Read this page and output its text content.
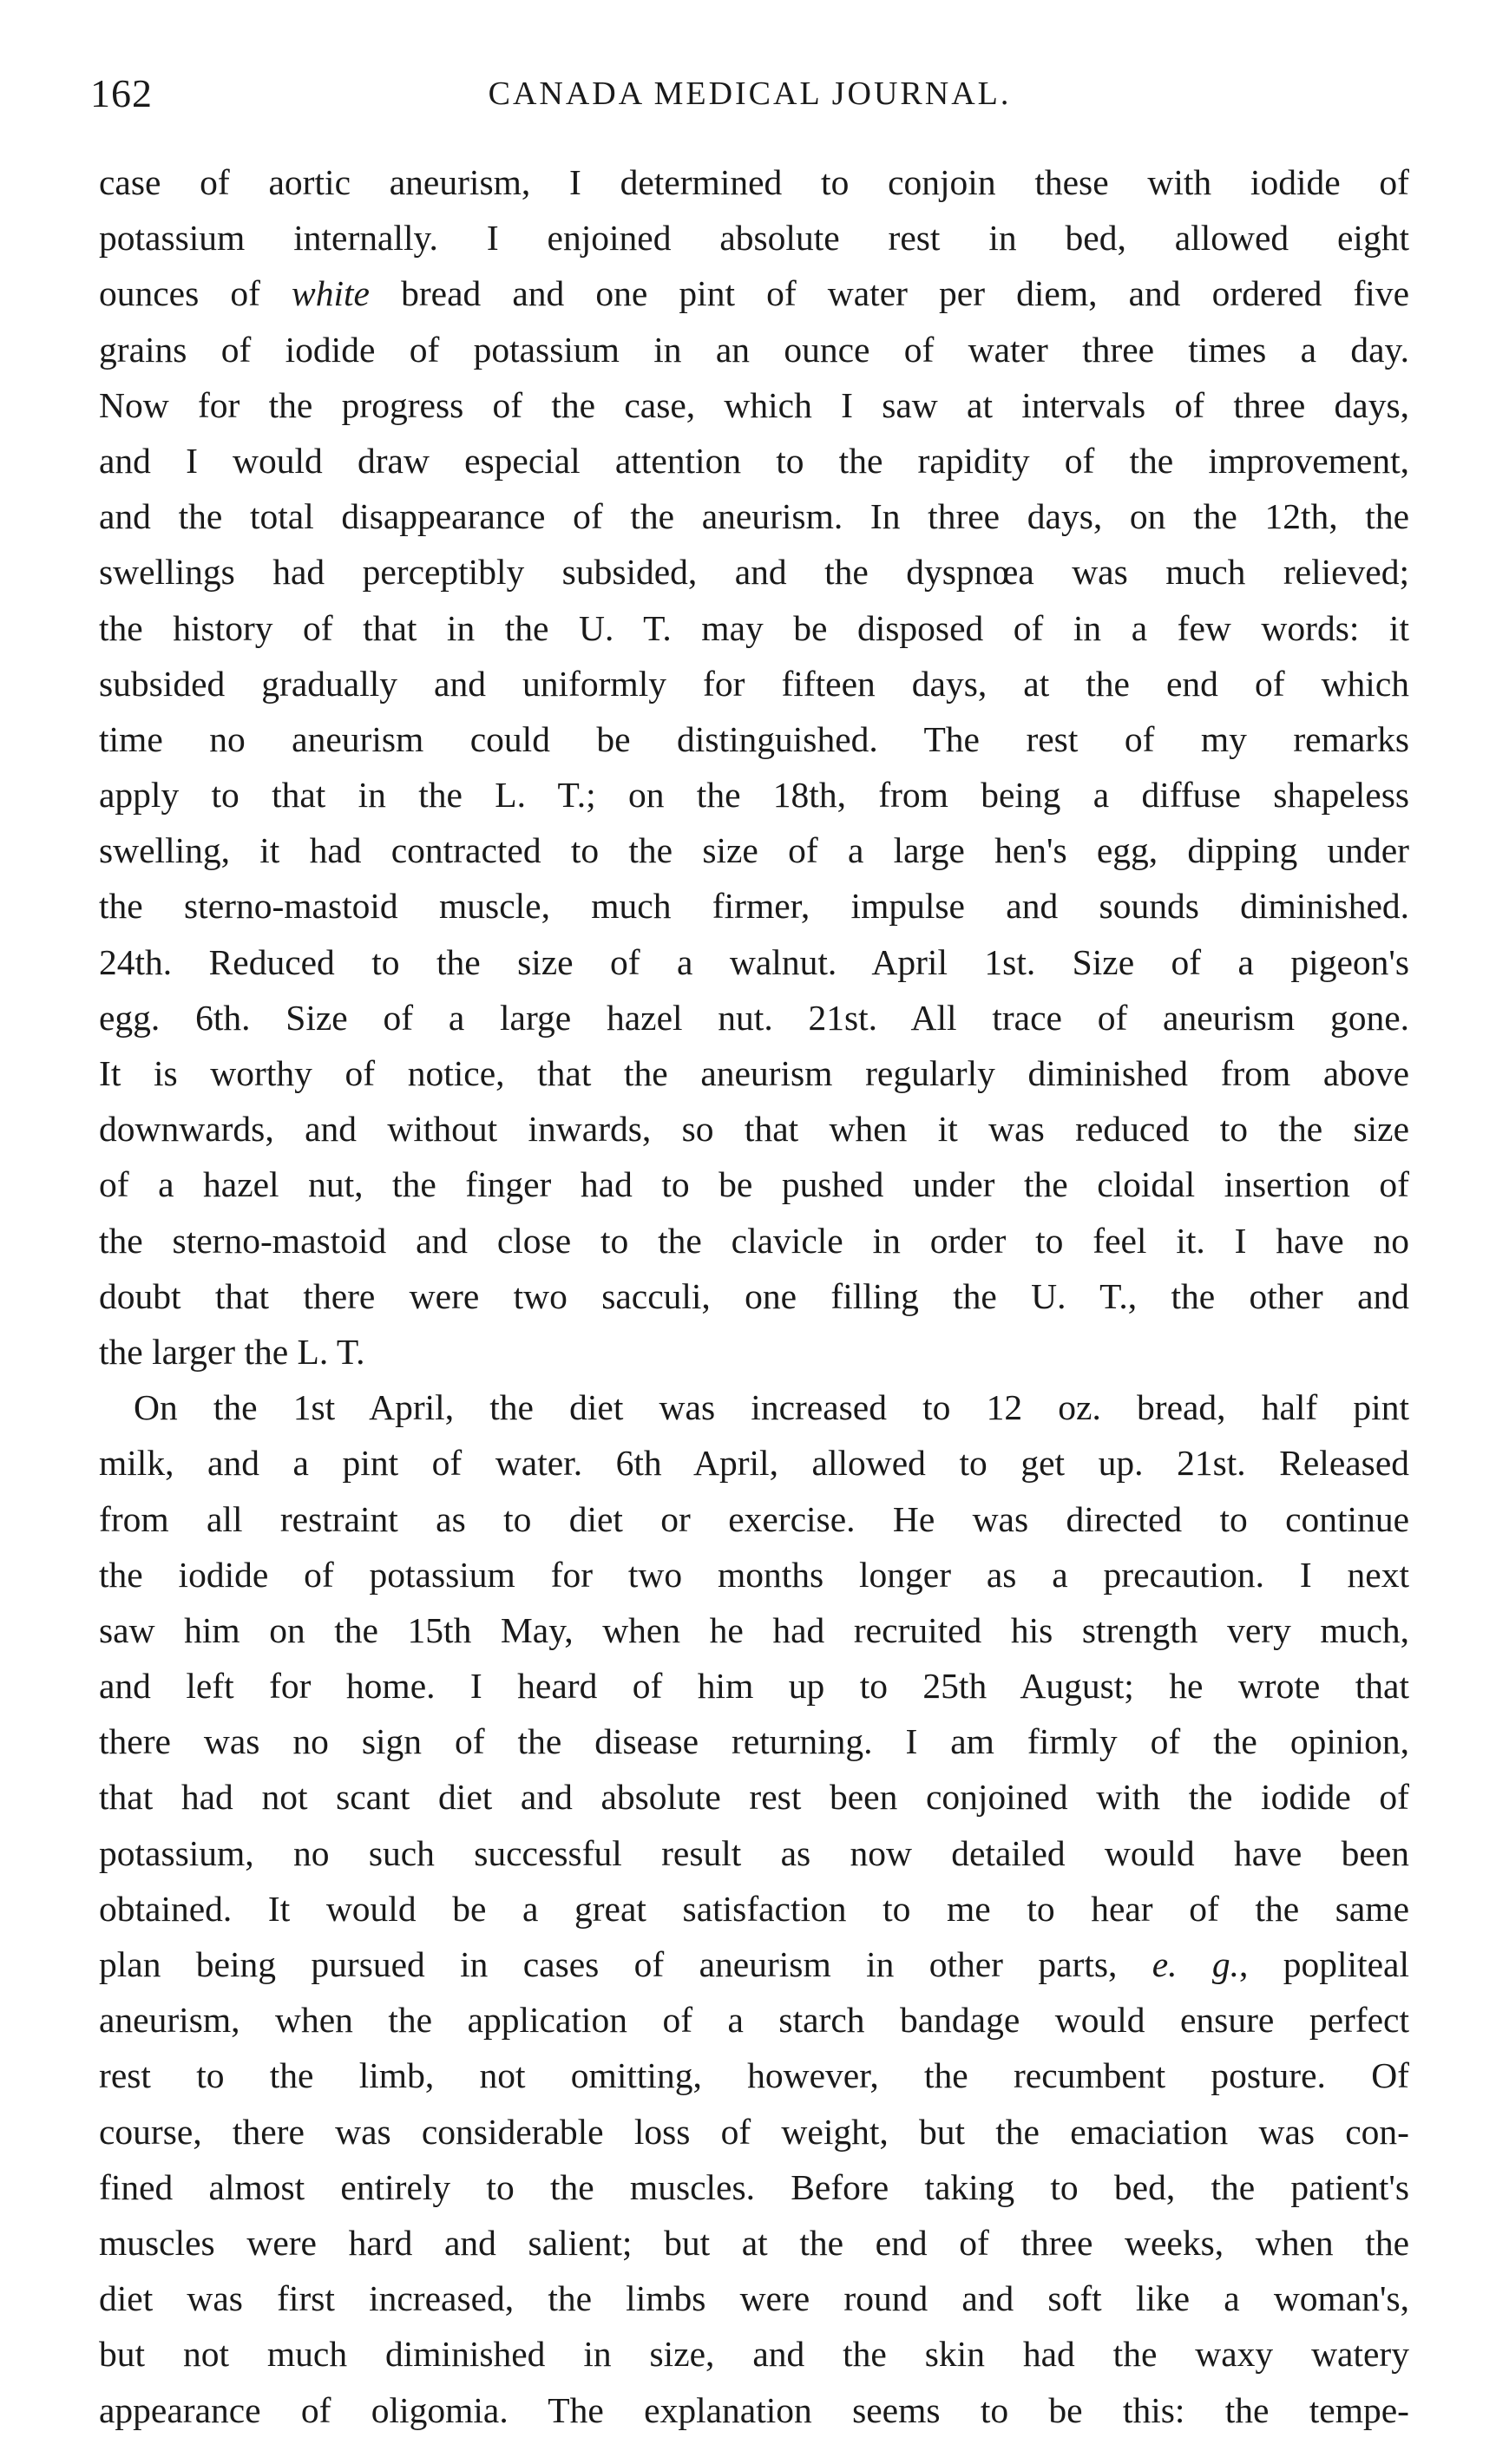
162	CANADA MEDICAL JOURNAL.
case of aortic aneurism, I determined to conjoin these with iodide of
potassium internally. I enjoined absolute rest in bed, allowed eight
ounces of white bread and one pint of water per diem, and ordered five
grains of iodide of potassium in an ounce of water three times a day.
Now for the progress of the case, which I saw at intervals of three days,
and I would draw especial attention to the rapidity of the improvement,
and the total disappearance of the aneurism. In three days, on the 12th, the
swellings had perceptibly subsided, and the dyspnœa was much relieved;
the history of that in the U. T. may be disposed of in a few words: it
subsided gradually and uniformly for fifteen days, at the end of which
time no aneurism could be distinguished. The rest of my remarks
apply to that in the L. T.; on the 18th, from being a diffuse shapeless
swelling, it had contracted to the size of a large hen's egg, dipping under
the sterno-mastoid muscle, much firmer, impulse and sounds diminished.
24th. Reduced to the size of a walnut. April 1st. Size of a pigeon's
egg. 6th. Size of a large hazel nut. 21st. All trace of aneurism gone.
It is worthy of notice, that the aneurism regularly diminished from above
downwards, and without inwards, so that when it was reduced to the size
of a hazel nut, the finger had to be pushed under the cloidal insertion of
the sterno-mastoid and close to the clavicle in order to feel it. I have no
doubt that there were two sacculi, one filling the U. T., the other and
the larger the L. T.
On the 1st April, the diet was increased to 12 oz. bread, half pint
milk, and a pint of water. 6th April, allowed to get up. 21st. Released
from all restraint as to diet or exercise. He was directed to continue
the iodide of potassium for two months longer as a precaution. I next
saw him on the 15th May, when he had recruited his strength very much,
and left for home. I heard of him up to 25th August; he wrote that
there was no sign of the disease returning. I am firmly of the opinion,
that had not scant diet and absolute rest been conjoined with the iodide of
potassium, no such successful result as now detailed would have been
obtained. It would be a great satisfaction to me to hear of the same
plan being pursued in cases of aneurism in other parts, e. g., popliteal
aneurism, when the application of a starch bandage would ensure perfect
rest to the limb, not omitting, however, the recumbent posture. Of
course, there was considerable loss of weight, but the emaciation was con-
fined almost entirely to the muscles. Before taking to bed, the patient's
muscles were hard and salient; but at the end of three weeks, when the
diet was first increased, the limbs were round and soft like a woman's,
but not much diminished in size, and the skin had the waxy watery
appearance of oligomia. The explanation seems to be this: the tempe-
